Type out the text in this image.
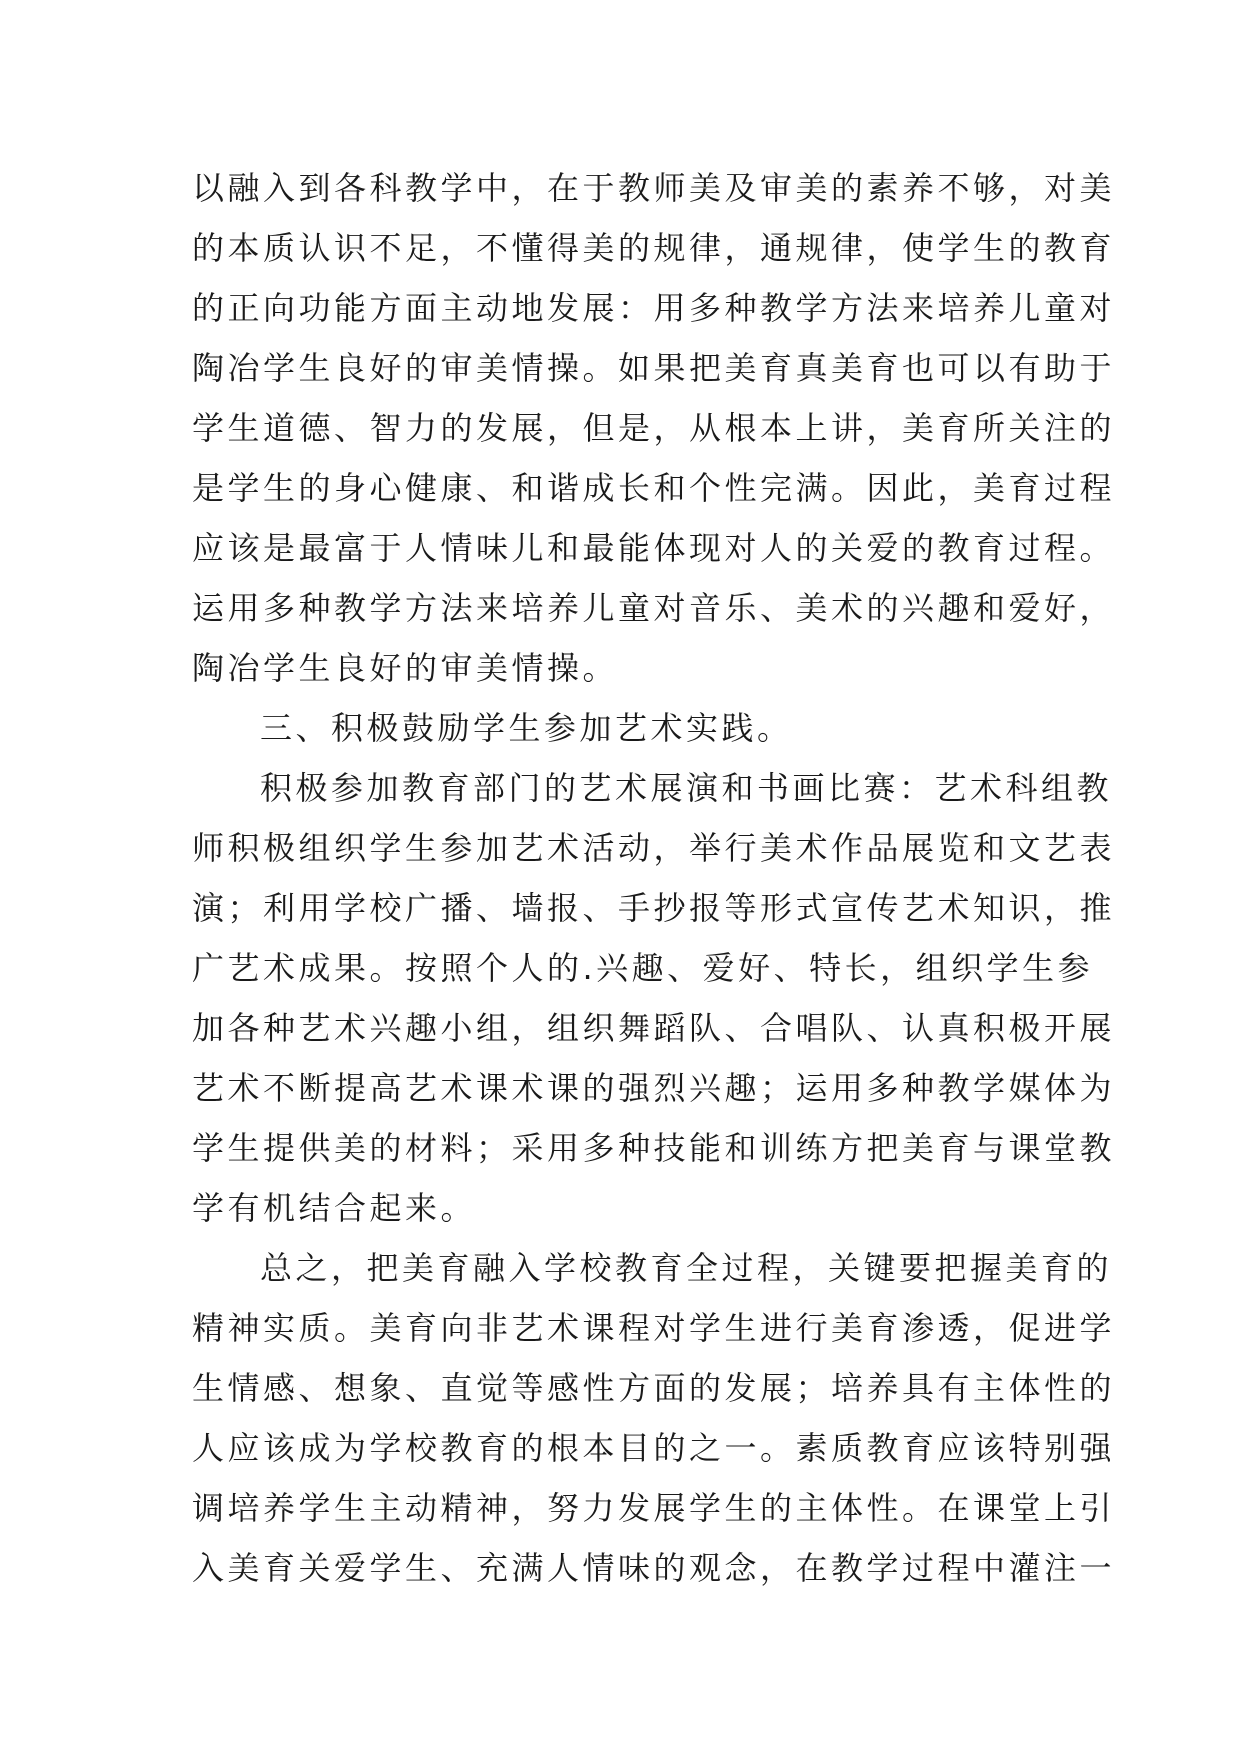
以融入到各科教学中，在于教师美及审美的素养不够，对美
的本质认识不足，不懂得美的规律，通规律，使学生的教育
的正向功能方面主动地发展：用多种教学方法来培养儿童对
陶冶学生良好的审美情操。如果把美育真美育也可以有助于
学生道德、智力的发展，但是，从根本上讲，美育所关注的
是学生的身心健康、和谐成长和个性完满。因此，美育过程
应该是最富于人情味儿和最能体现对人的关爱的教育过程。
运用多种教学方法来培养儿童对音乐、美术的兴趣和爱好，
陶冶学生良好的审美情操。
三、积极鼓励学生参加艺术实践。
积极参加教育部门的艺术展演和书画比赛：艺术科组教
师积极组织学生参加艺术活动，举行美术作品展览和文艺表
演；利用学校广播、墙报、手抄报等形式宣传艺术知识，推
广艺术成果。按照个人的.兴趣、爱好、特长，组织学生参
加各种艺术兴趣小组，组织舞蹈队、合唱队、认真积极开展
艺术不断提高艺术课术课的强烈兴趣；运用多种教学媒体为
学生提供美的材料；采用多种技能和训练方把美育与课堂教
学有机结合起来。
总之，把美育融入学校教育全过程，关键要把握美育的
精神实质。美育向非艺术课程对学生进行美育渗透，促进学
生情感、想象、直觉等感性方面的发展；培养具有主体性的
人应该成为学校教育的根本目的之一。素质教育应该特别强
调培养学生主动精神，努力发展学生的主体性。在课堂上引
入美育关爱学生、充满人情味的观念，在教学过程中灌注一
